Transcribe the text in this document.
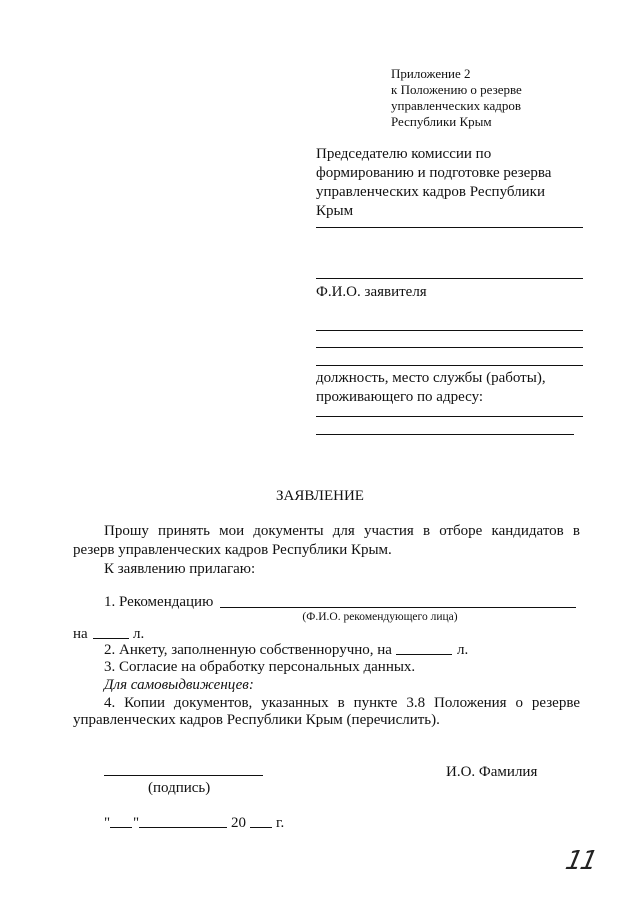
Приложение 2
к Положению о резерве
управленческих кадров
Республики Крым
Председателю комиссии по
формированию и подготовке резерва
управленческих кадров Республики
Крым
Ф.И.О. заявителя
должность, место службы (работы),
проживающего по адресу:
ЗАЯВЛЕНИЕ
Прошу принять мои документы для участия в отборе кандидатов в
резерв управленческих кадров Республики Крым.
К заявлению прилагаю:
1. Рекомендацию
(Ф.И.О. рекомендующего лица)
на	л.
2. Анкету, заполненную собственноручно, на	л.
3. Согласие на обработку персональных данных.
Для самовыдвиженцев:
4. Копии документов, указанных в пункте 3.8 Положения о резерве
управленческих кадров Республики Крым (перечислить).
(подпись)
И.О. Фамилия
" "	20 г.
11
